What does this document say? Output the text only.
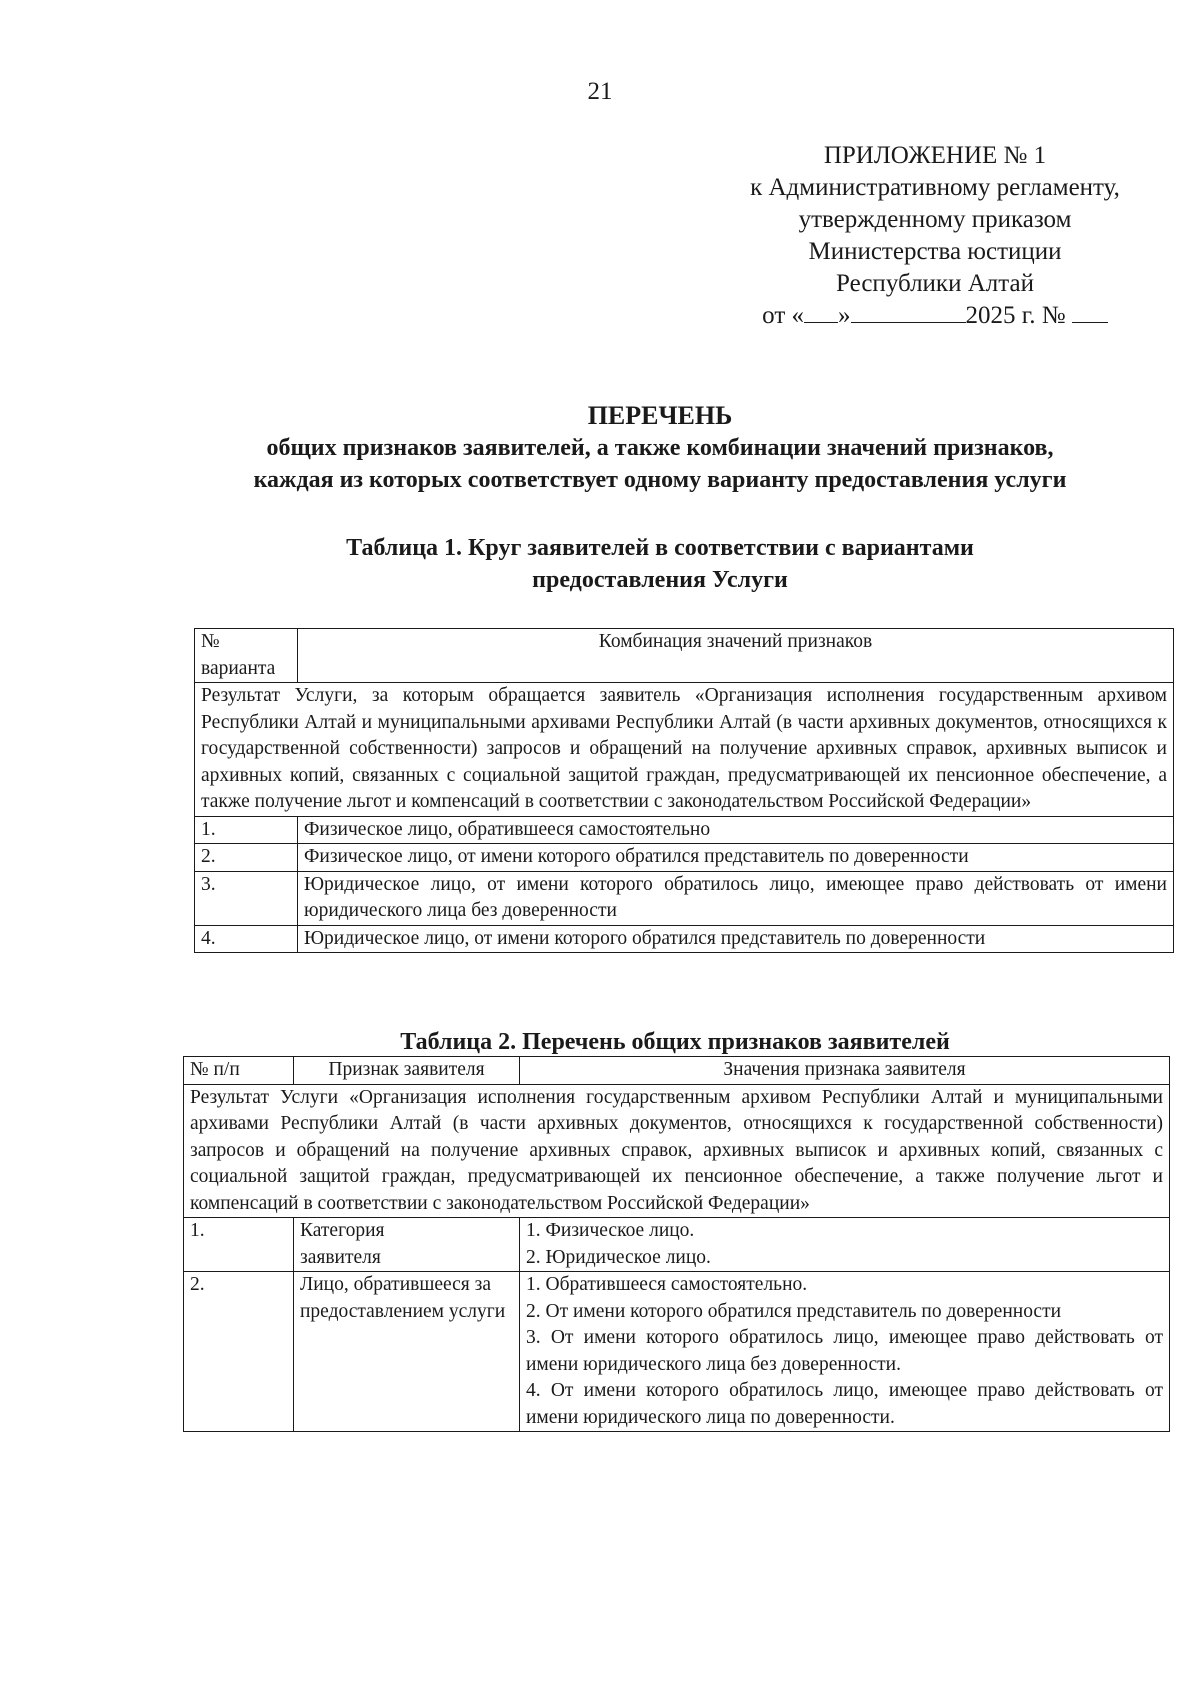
21
ПРИЛОЖЕНИЕ № 1
к Административному регламенту,
утвержденному приказом
Министерства юстиции
Республики Алтай
от « »	2025 г. №
ПЕРЕЧЕНЬ
общих признаков заявителей, а также комбинации значений признаков,
каждая из которых соответствует одному варианту предоставления услуги
Таблица 1. Круг заявителей в соответствии с вариантами
предоставления Услуги
№ варианта	Комбинация значений признаков
Результат Услуги, за которым обращается заявитель «Организация исполнения государственным архивом Республики Алтай и муниципальными архивами Республики Алтай (в части архивных документов, относящихся к государственной собственности) запросов и обращений на получение архивных справок, архивных выписок и архивных копий, связанных с социальной защитой граждан, предусматривающей их пенсионное обеспечение, а также получение льгот и компенсаций в соответствии с законодательством Российской Федерации»	
1.	Физическое лицо, обратившееся самостоятельно
2.	Физическое лицо, от имени которого обратился представитель по доверенности
3.	Юридическое лицо, от имени которого обратилось лицо, имеющее право действовать от имени юридического лица без доверенности
4.	Юридическое лицо, от имени которого обратился представитель по доверенности
Таблица 2. Перечень общих признаков заявителей
№ п/п	Признак заявителя	Значения признака заявителя
Результат Услуги «Организация исполнения государственным архивом Республики Алтай и муниципальными архивами Республики Алтай (в части архивных документов, относящихся к государственной собственности) запросов и обращений на получение архивных справок, архивных выписок и архивных копий, связанных с социальной защитой граждан, предусматривающей их пенсионное обеспечение, а также получение льгот и компенсаций в соответствии с законодательством Российской Федерации»		
1.	Категория заявителя	1. Физическое лицо.
2. Юридическое лицо.

2.	Лицо, обратившееся за предоставлением услуги	1. Обратившееся самостоятельно.
2. От имени которого обратился представитель по доверенности
3. От имени которого обратилось лицо, имеющее право действовать от имени юридического лица без доверенности.
4. От имени которого обратилось лицо, имеющее право действовать от имени юридического лица по доверенности.
